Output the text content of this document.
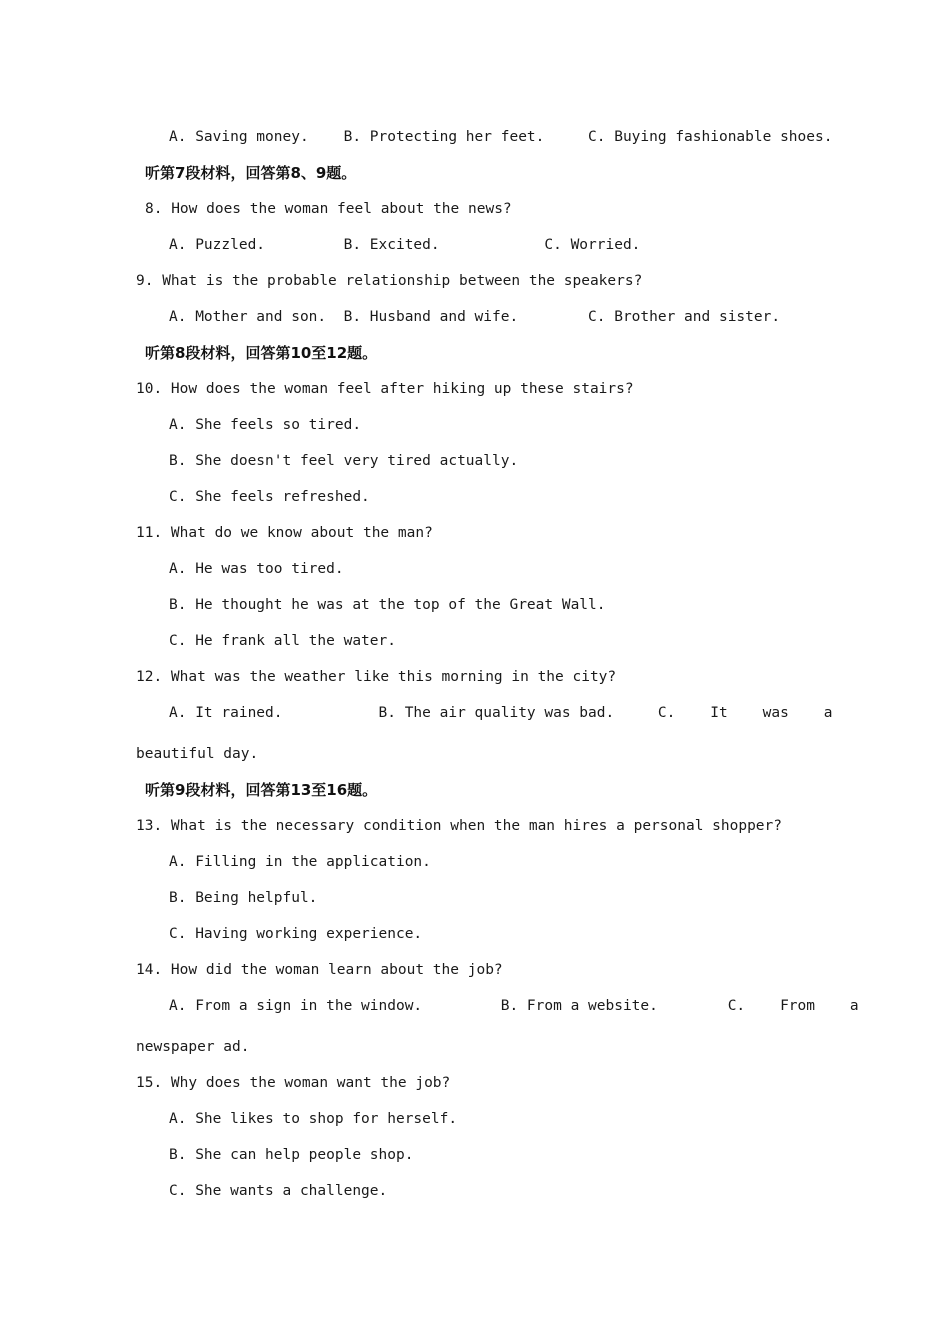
A. Saving money.    B. Protecting her feet.     C. Buying fashionable shoes.
听第7段材料，回答第8、9题。
8. How does the woman feel about the news?
A. Puzzled.         B. Excited.            C. Worried.
9. What is the probable relationship between the speakers?
A. Mother and son.  B. Husband and wife.        C. Brother and sister.
听第8段材料，回答第10至12题。
10. How does the woman feel after hiking up these stairs?
A. She feels so tired.
B. She doesn't feel very tired actually.
C. She feels refreshed.
11. What do we know about the man?
A. He was too tired.
B. He thought he was at the top of the Great Wall.
C. He frank all the water.
12. What was the weather like this morning in the city?
A. It rained.           B. The air quality was bad.     C.    It    was    a
beautiful day.
听第9段材料，回答第13至16题。
13. What is the necessary condition when the man hires a personal shopper?
A. Filling in the application.
B. Being helpful.
C. Having working experience.
14. How did the woman learn about the job?
A. From a sign in the window.         B. From a website.        C.    From    a
newspaper ad.
15. Why does the woman want the job?
A. She likes to shop for herself.
B. She can help people shop.
C. She wants a challenge.
